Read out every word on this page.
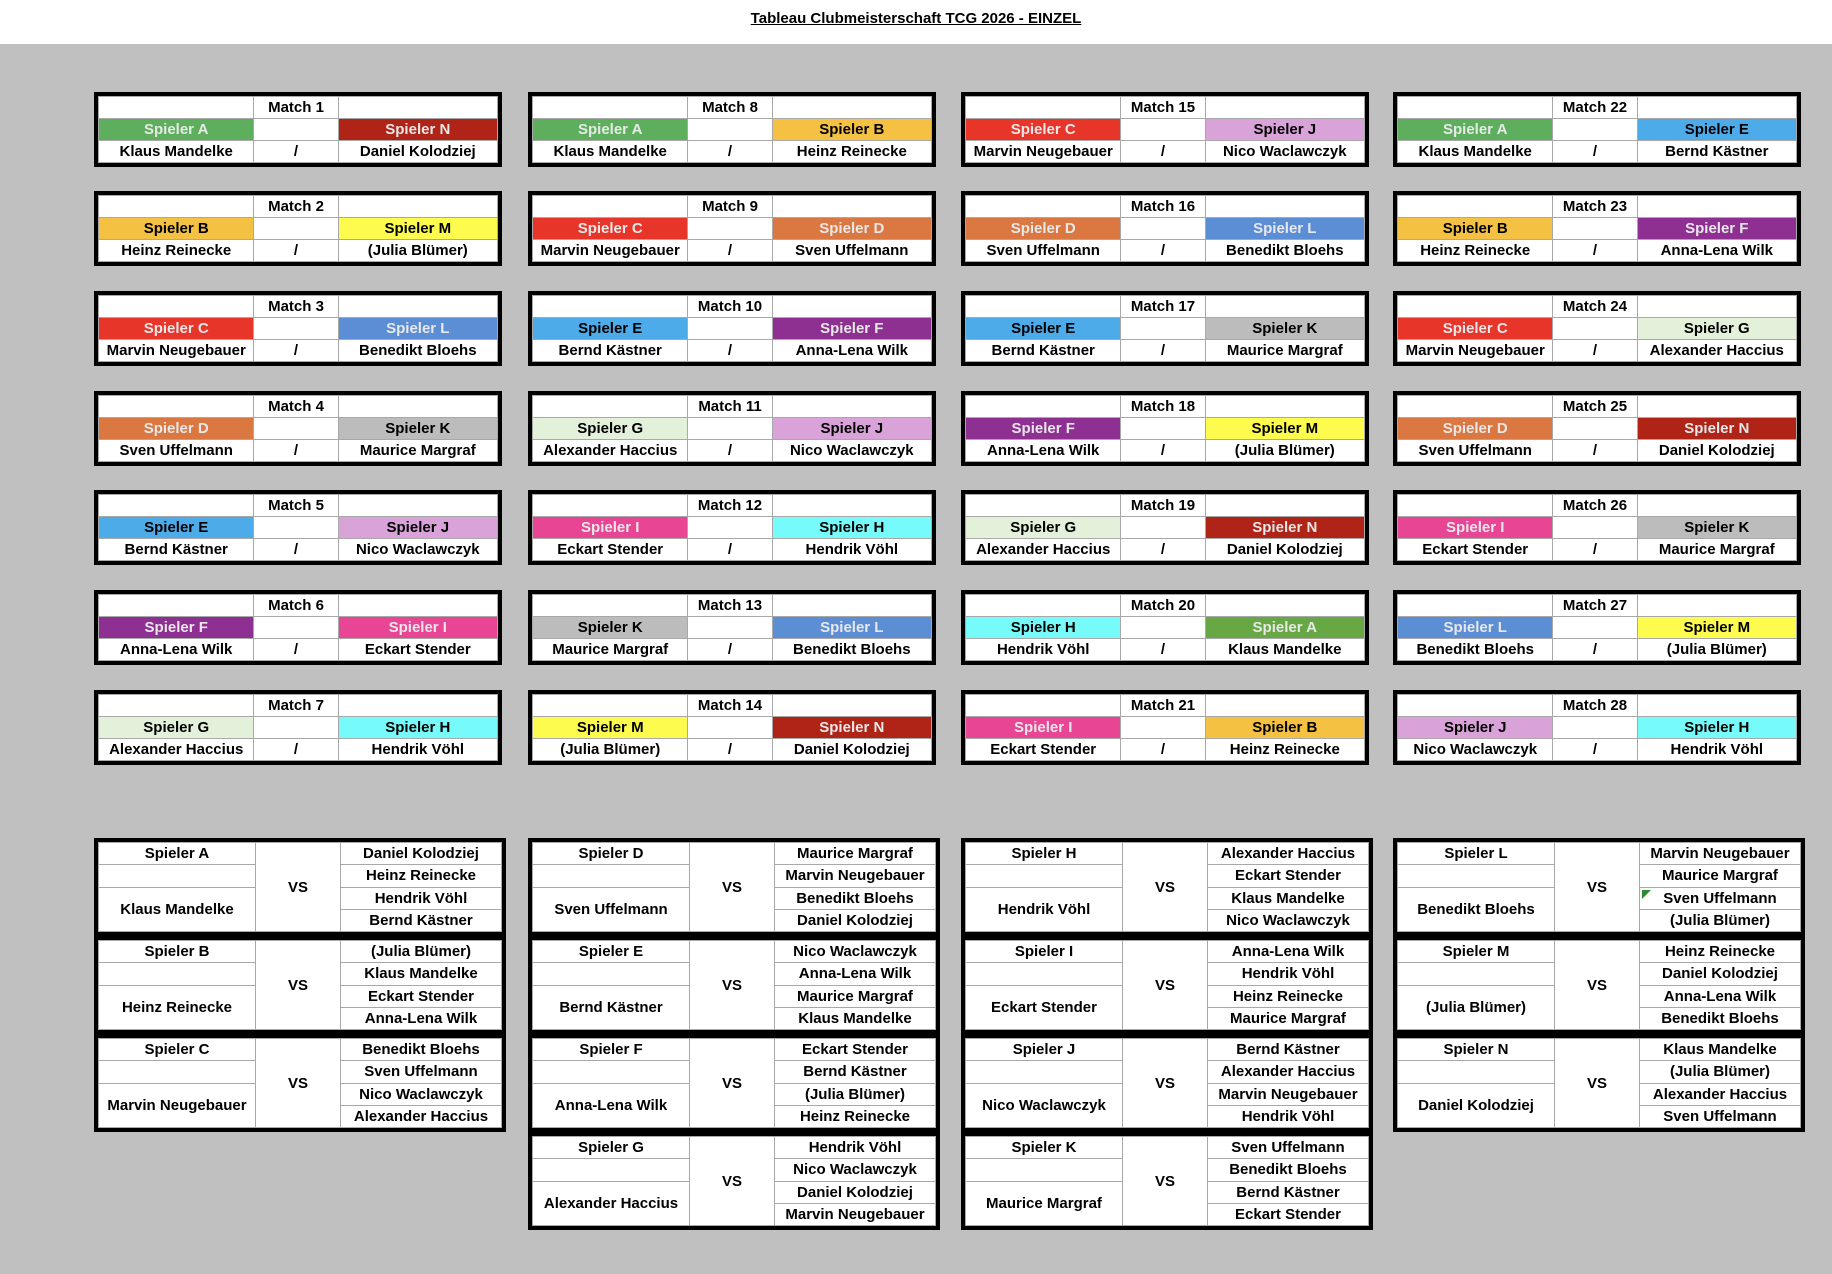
Tableau Clubmeisterschaft TCG 2026 - EINZEL
	Match 1	
Spieler A		Spieler N
Klaus Mandelke	/	Daniel Kolodziej
	Match 2	
Spieler B		Spieler M
Heinz Reinecke	/	(Julia Blümer)
	Match 3	
Spieler C		Spieler L
Marvin Neugebauer	/	Benedikt Bloehs
	Match 4	
Spieler D		Spieler K
Sven Uffelmann	/	Maurice Margraf
	Match 5	
Spieler E		Spieler J
Bernd Kästner	/	Nico Waclawczyk
	Match 6	
Spieler F		Spieler I
Anna-Lena Wilk	/	Eckart Stender
	Match 7	
Spieler G		Spieler H
Alexander Haccius	/	Hendrik Vöhl
	Match 8	
Spieler A		Spieler B
Klaus Mandelke	/	Heinz Reinecke
	Match 9	
Spieler C		Spieler D
Marvin Neugebauer	/	Sven Uffelmann
	Match 10	
Spieler E		Spieler F
Bernd Kästner	/	Anna-Lena Wilk
	Match 11	
Spieler G		Spieler J
Alexander Haccius	/	Nico Waclawczyk
	Match 12	
Spieler I		Spieler H
Eckart Stender	/	Hendrik Vöhl
	Match 13	
Spieler K		Spieler L
Maurice Margraf	/	Benedikt Bloehs
	Match 14	
Spieler M		Spieler N
(Julia Blümer)	/	Daniel Kolodziej
	Match 15	
Spieler C		Spieler J
Marvin Neugebauer	/	Nico Waclawczyk
	Match 16	
Spieler D		Spieler L
Sven Uffelmann	/	Benedikt Bloehs
	Match 17	
Spieler E		Spieler K
Bernd Kästner	/	Maurice Margraf
	Match 18	
Spieler F		Spieler M
Anna-Lena Wilk	/	(Julia Blümer)
	Match 19	
Spieler G		Spieler N
Alexander Haccius	/	Daniel Kolodziej
	Match 20	
Spieler H		Spieler A
Hendrik Vöhl	/	Klaus Mandelke
	Match 21	
Spieler I		Spieler B
Eckart Stender	/	Heinz Reinecke
	Match 22	
Spieler A		Spieler E
Klaus Mandelke	/	Bernd Kästner
	Match 23	
Spieler B		Spieler F
Heinz Reinecke	/	Anna-Lena Wilk
	Match 24	
Spieler C		Spieler G
Marvin Neugebauer	/	Alexander Haccius
	Match 25	
Spieler D		Spieler N
Sven Uffelmann	/	Daniel Kolodziej
	Match 26	
Spieler I		Spieler K
Eckart Stender	/	Maurice Margraf
	Match 27	
Spieler L		Spieler M
Benedikt Bloehs	/	(Julia Blümer)
	Match 28	
Spieler J		Spieler H
Nico Waclawczyk	/	Hendrik Vöhl
Spieler A	VS	Daniel Kolodziej
		Heinz Reinecke
Klaus Mandelke		Hendrik Vöhl
		Bernd Kästner
Spieler B	VS	(Julia Blümer)
		Klaus Mandelke
Heinz Reinecke		Eckart Stender
		Anna-Lena Wilk
Spieler C	VS	Benedikt Bloehs
		Sven Uffelmann
Marvin Neugebauer		Nico Waclawczyk
		Alexander Haccius
Spieler D	VS	Maurice Margraf
		Marvin Neugebauer
Sven Uffelmann		Benedikt Bloehs
		Daniel Kolodziej
Spieler E	VS	Nico Waclawczyk
		Anna-Lena Wilk
Bernd Kästner		Maurice Margraf
		Klaus Mandelke
Spieler F	VS	Eckart Stender
		Bernd Kästner
Anna-Lena Wilk		(Julia Blümer)
		Heinz Reinecke
Spieler G	VS	Hendrik Vöhl
		Nico Waclawczyk
Alexander Haccius		Daniel Kolodziej
		Marvin Neugebauer
Spieler H	VS	Alexander Haccius
		Eckart Stender
Hendrik Vöhl		Klaus Mandelke
		Nico Waclawczyk
Spieler I	VS	Anna-Lena Wilk
		Hendrik Vöhl
Eckart Stender		Heinz Reinecke
		Maurice Margraf
Spieler J	VS	Bernd Kästner
		Alexander Haccius
Nico Waclawczyk		Marvin Neugebauer
		Hendrik Vöhl
Spieler K	VS	Sven Uffelmann
		Benedikt Bloehs
Maurice Margraf		Bernd Kästner
		Eckart Stender
Spieler L	VS	Marvin Neugebauer
		Maurice Margraf
Benedikt Bloehs		Sven Uffelmann

		(Julia Blümer)
Spieler M	VS	Heinz Reinecke
		Daniel Kolodziej
(Julia Blümer)		Anna-Lena Wilk
		Benedikt Bloehs
Spieler N	VS	Klaus Mandelke
		(Julia Blümer)
Daniel Kolodziej		Alexander Haccius
		Sven Uffelmann
